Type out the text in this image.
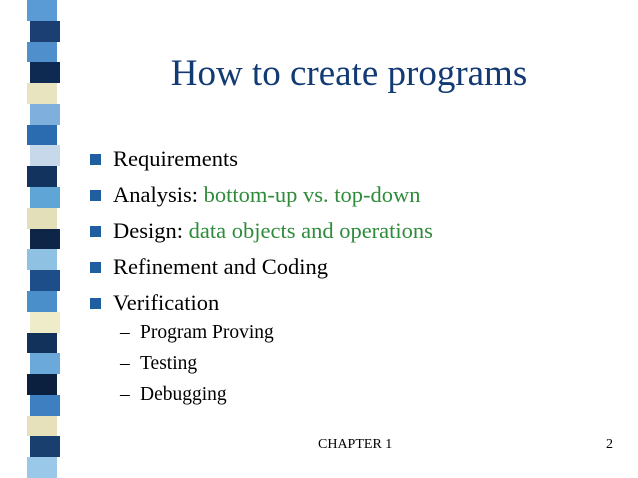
How to create programs
Requirements
Analysis: bottom-up vs. top-down
Design: data objects and operations
Refinement and Coding
Verification
– Program Proving
– Testing
– Debugging
CHAPTER 1	2
